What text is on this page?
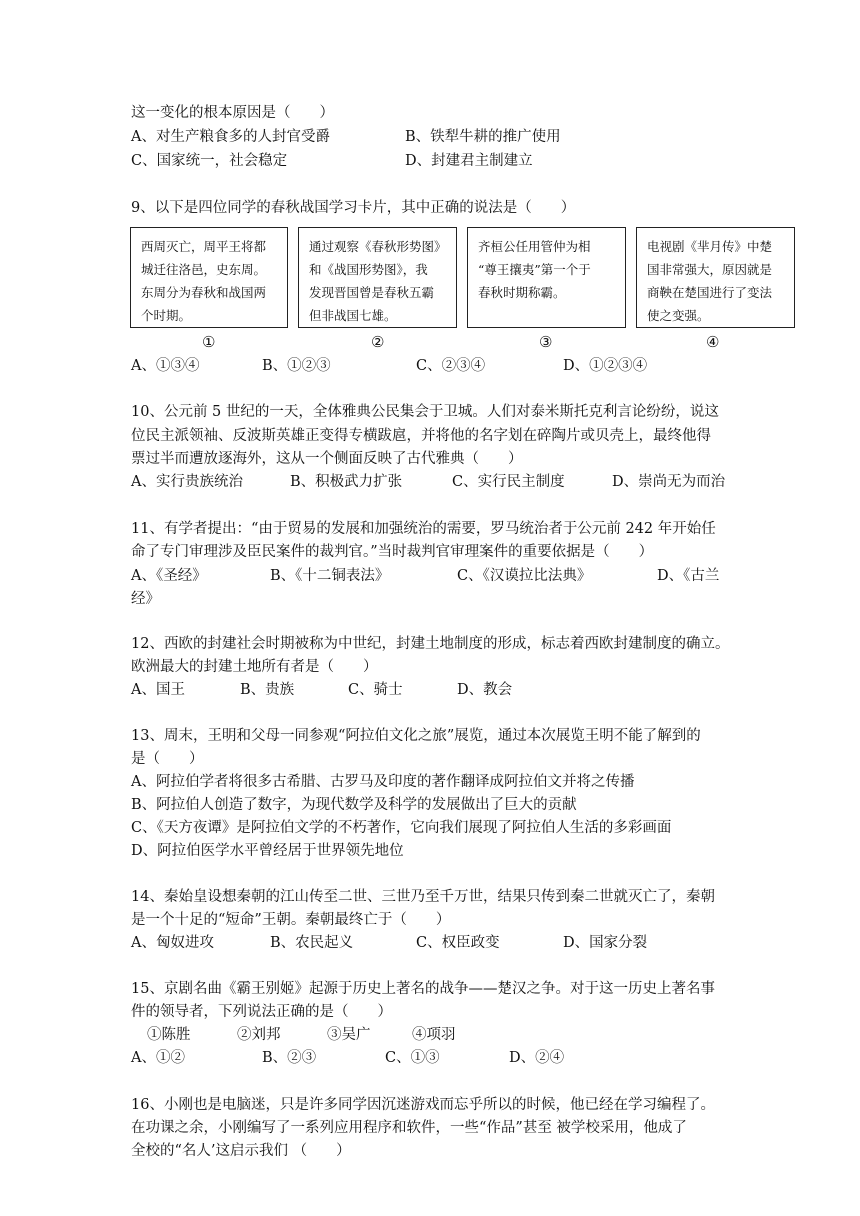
这一变化的根本原因是（　　）
A、对生产粮食多的人封官受爵	B、铁犁牛耕的推广使用
C、国家统一，社会稳定	D、封建君主制建立
9、以下是四位同学的春秋战国学习卡片，其中正确的说法是（　　）
西周灭亡，周平王将都
城迁往洛邑，史东周。
东周分为春秋和战国两
个时期。
通过观察《春秋形势图》
和《战国形势图》，我
发现晋国曾是春秋五霸
但非战国七雄。
齐桓公任用管仲为相
“尊王攘夷”第一个于
春秋时期称霸。
电视剧《芈月传》中楚
国非常强大，原因就是
商鞅在楚国进行了变法
使之变强。
①	②	③	④
A、①③④	B、①②③	C、②③④	D、①②③④
10、公元前 5 世纪的一天，全体雅典公民集会于卫城。人们对泰米斯托克利言论纷纷，说这
位民主派领袖、反波斯英雄正变得专横跋扈，并将他的名字划在碎陶片或贝壳上，最终他得
票过半而遭放逐海外，这从一个侧面反映了古代雅典（　　）
A、实行贵族统治	B、积极武力扩张	C、实行民主制度	D、崇尚无为而治
11、有学者提出：“由于贸易的发展和加强统治的需要，罗马统治者于公元前 242 年开始任
命了专门审理涉及臣民案件的裁判官。”当时裁判官审理案件的重要依据是（　　）
A、《圣经》	B、《十二铜表法》	C、《汉谟拉比法典》	D、《古兰
经》
12、西欧的封建社会时期被称为中世纪，封建土地制度的形成，标志着西欧封建制度的确立。
欧洲最大的封建土地所有者是（　　）
A、国王	B、贵族	C、骑士	D、教会
13、周末，王明和父母一同参观“阿拉伯文化之旅”展览，通过本次展览王明不能了解到的
是（　　）
A、阿拉伯学者将很多古希腊、古罗马及印度的著作翻译成阿拉伯文并将之传播
B、阿拉伯人创造了数字，为现代数学及科学的发展做出了巨大的贡献
C、《天方夜谭》是阿拉伯文学的不朽著作，它向我们展现了阿拉伯人生活的多彩画面
D、阿拉伯医学水平曾经居于世界领先地位
14、秦始皇设想秦朝的江山传至二世、三世乃至千万世，结果只传到秦二世就灭亡了，秦朝
是一个十足的“短命”王朝。秦朝最终亡于（　　）
A、匈奴进攻	B、农民起义	C、权臣政变	D、国家分裂
15、京剧名曲《霸王别姬》起源于历史上著名的战争——楚汉之争。对于这一历史上著名事
件的领导者，下列说法正确的是（　　）
①陈胜	②刘邦	③吴广	④项羽
A、①②	B、②③	C、①③	D、②④
16、小刚也是电脑迷，只是许多同学因沉迷游戏而忘乎所以的时候，他已经在学习编程了。
在功课之余，小刚编写了一系列应用程序和软件，一些“作品”甚至 被学校采用，他成了
全校的“名人’这启示我们 （　　）
